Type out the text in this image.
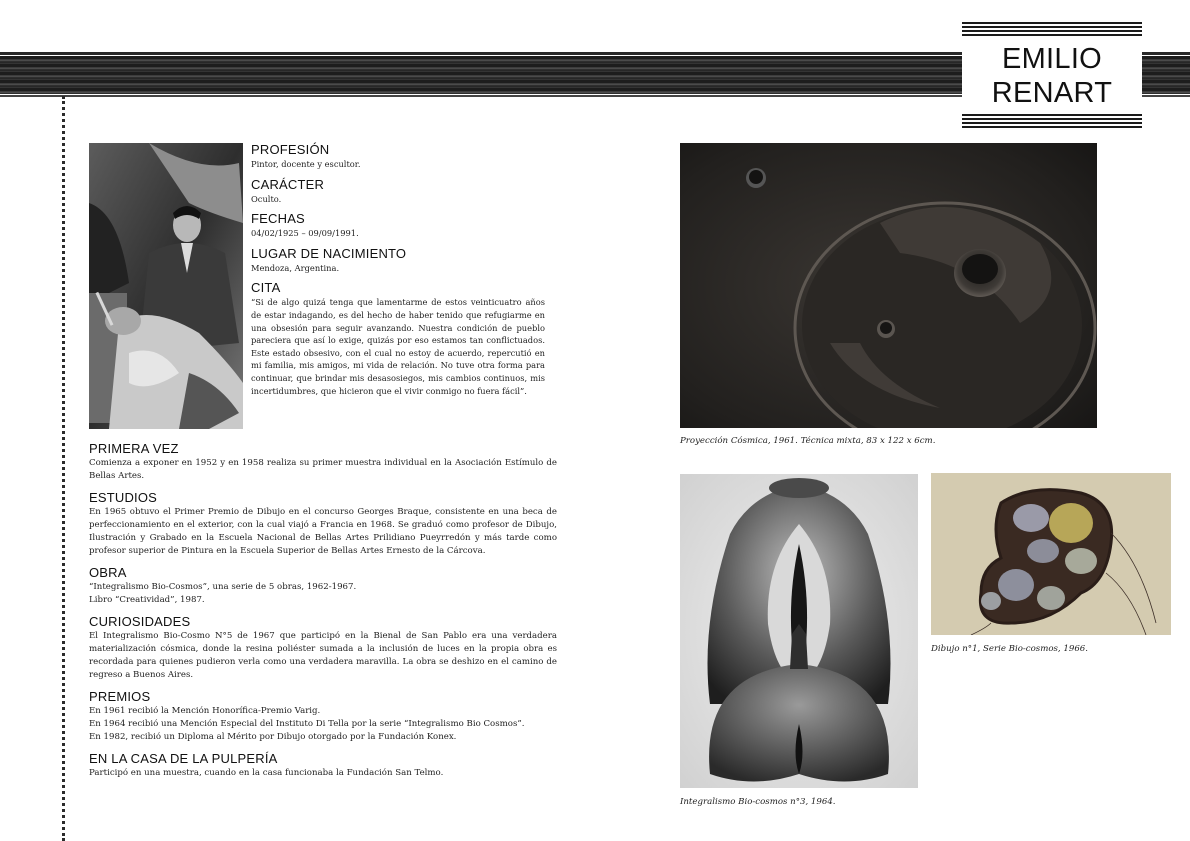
EMILIO
RENART
PROFESIÓN

Pintor, docente y escultor.

CARÁCTER

Oculto.

FECHAS

04/02/1925 – 09/09/1991.

LUGAR DE NACIMIENTO

Mendoza, Argentina.

CITA

“Si de algo quizá tenga que lamentarme de estos veinticuatro años de estar indagando, es del hecho de haber tenido que refugiarme en una obsesión para seguir avanzando. Nuestra condición de pueblo pareciera que así lo exige, quizás por eso estamos tan conflictuados. Este estado obsesivo, con el cual no estoy de acuerdo, repercutió en mi familia, mis amigos, mi vida de relación. No tuve otra forma para continuar, que brindar mis desasosiegos, mis cambios continuos, mis incertidumbres, que hicieron que el vivir conmigo no fuera fácil”.

PRIMERA VEZ

Comienza a exponer en 1952 y en 1958 realiza su primer muestra individual en la Asociación Estímulo de Bellas Artes.

ESTUDIOS

En 1965 obtuvo el Primer Premio de Dibujo en el concurso Georges Braque, consistente en una beca de perfeccionamiento en el exterior, con la cual viajó a Francia en 1968. Se graduó como profesor de Dibujo, Ilustración y Grabado en la Escuela Nacional de Bellas Artes Prilidiano Pueyrredón y más tarde como profesor superior de Pintura en la Escuela Superior de Bellas Artes Ernesto de la Cárcova.

OBRA

“Integralismo Bio-Cosmos”, una serie de 5 obras, 1962-1967.
Libro “Creatividad”, 1987.

CURIOSIDADES

El Integralismo Bio-Cosmo N°5 de 1967 que participó en la Bienal de San Pablo era una verdadera materialización cósmica, donde la resina poliéster sumada a la inclusión de luces en la propia obra es recordada para quienes pudieron verla como una verdadera maravilla. La obra se deshizo en el camino de regreso a Buenos Aires.

PREMIOS

En 1961 recibió la Mención Honorífica-Premio Varig.
En 1964 recibió una Mención Especial del Instituto Di Tella por la serie “Integralismo Bio Cosmos”.
En 1982, recibió un Diploma al Mérito por Dibujo otorgado por la Fundación Konex.

EN LA CASA DE LA PULPERÍA

Participó en una muestra, cuando en la casa funcionaba la Fundación San Telmo.

Proyección Cósmica, 1961. Técnica mixta, 83 x 122 x 6cm.
Integralismo Bio-cosmos n°3, 1964.
Dibujo n°1, Serie Bio-cosmos, 1966.
